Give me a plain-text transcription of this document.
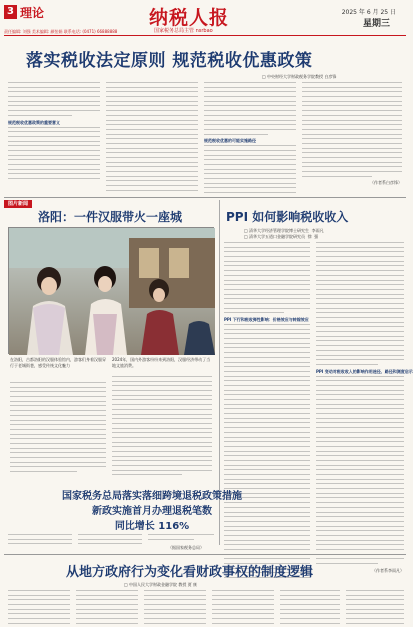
3 理论	纳税人报
国家税务总局主管 nsrbao
2025 年 6 月 25 日
星期三
责任编辑: 刘强 美术编辑: 颜怡娟 联系电话: (0471) 66888888
落实税收法定原则 规范税收优惠政策
□ 中央财经大学财政税务学院教授 白彦锋
规范税收优惠政策的重要意义
规范税收优惠的可能实施路径
（作者系白彦锋）
图片新闻
洛阳：一件汉服带火一座城
在洛阳，古都洛阳的汉服体验馆内，游客们身着汉服穿行于老城街巷，感受传统文化魅力
2024年，国内外游客纷纷来到洛阳，汉服经济带动了当地文旅消费。
PPI 如何影响税收收入
□ 清华大学经济管理学院博士研究生  李雨凡
□ 清华大学五道口金融学院研究员  徐  强
PPI 下行和税收弹性影响：价格效应与转嫁效应
PPI 变动对税收收入的影响作用途径、路径和测度启示
（作者系李雨凡）
国家税务总局落实落细跨境退税政策措施
新政实施首月办理退税笔数
同比增长 116%
（据国家税务总局）
从地方政府行为变化看财政事权的制度逻辑
□ 中国人民大学财政金融学院 教授 贾 康
